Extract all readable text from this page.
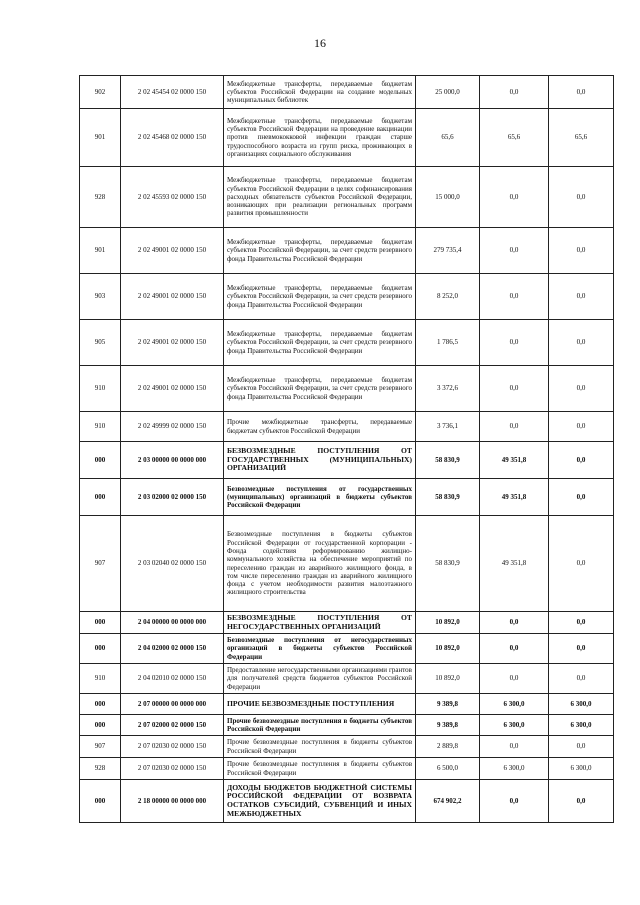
16
902	2 02 45454 02 0000 150	Межбюджетные трансферты, передаваемые бюджетам субъектов Российской Федерации на создание модельных муниципальных библиотек	25 000,0	0,0	0,0
901	2 02 45468 02 0000 150	Межбюджетные трансферты, передаваемые бюджетам субъектов Российской Федерации на проведение вакцинации против пневмококковой инфекции граждан старше трудоспособного возраста из групп риска, проживающих в организациях социального обслуживания	65,6	65,6	65,6
928	2 02 45593 02 0000 150	Межбюджетные трансферты, передаваемые бюджетам субъектов Российской Федерации в целях софинансирования расходных обязательств субъектов Российской Федерации, возникающих при реализации региональных программ развития промышленности	15 000,0	0,0	0,0
901	2 02 49001 02 0000 150	Межбюджетные трансферты, передаваемые бюджетам субъектов Российской Федерации, за счет средств резервного фонда Правительства Российской Федерации	279 735,4	0,0	0,0
903	2 02 49001 02 0000 150	Межбюджетные трансферты, передаваемые бюджетам субъектов Российской Федерации, за счет средств резервного фонда Правительства Российской Федерации	8 252,0	0,0	0,0
905	2 02 49001 02 0000 150	Межбюджетные трансферты, передаваемые бюджетам субъектов Российской Федерации, за счет средств резервного фонда Правительства Российской Федерации	1 786,5	0,0	0,0
910	2 02 49001 02 0000 150	Межбюджетные трансферты, передаваемые бюджетам субъектов Российской Федерации, за счет средств резервного фонда Правительства Российской Федерации	3 372,6	0,0	0,0
910	2 02 49999 02 0000 150	Прочие межбюджетные трансферты, передаваемые бюджетам субъектов Российской Федерации	3 736,1	0,0	0,0
000	2 03 00000 00 0000 000	БЕЗВОЗМЕЗДНЫЕ ПОСТУПЛЕНИЯ ОТ ГОСУДАРСТВЕННЫХ (МУНИЦИПАЛЬНЫХ) ОРГАНИЗАЦИЙ	58 830,9	49 351,8	0,0
000	2 03 02000 02 0000 150	Безвозмездные поступления от государственных (муниципальных) организаций в бюджеты субъектов Российской Федерации	58 830,9	49 351,8	0,0
907	2 03 02040 02 0000 150	Безвозмездные поступления в бюджеты субъектов Российской Федерации от государственной корпорации - Фонда содействия реформированию жилищно-коммунального хозяйства на обеспечение мероприятий по переселению граждан из аварийного жилищного фонда, в том числе переселению граждан из аварийного жилищного фонда с учетом необходимости развития малоэтажного жилищного строительства	58 830,9	49 351,8	0,0
000	2 04 00000 00 0000 000	БЕЗВОЗМЕЗДНЫЕ ПОСТУПЛЕНИЯ ОТ НЕГОСУДАРСТВЕННЫХ ОРГАНИЗАЦИЙ	10 892,0	0,0	0,0
000	2 04 02000 02 0000 150	Безвозмездные поступления от негосударственных организаций в бюджеты субъектов Российской Федерации	10 892,0	0,0	0,0
910	2 04 02010 02 0000 150	Предоставление негосударственными организациями грантов для получателей средств бюджетов субъектов Российской Федерации	10 892,0	0,0	0,0
000	2 07 00000 00 0000 000	ПРОЧИЕ БЕЗВОЗМЕЗДНЫЕ ПОСТУПЛЕНИЯ	9 389,8	6 300,0	6 300,0
000	2 07 02000 02 0000 150	Прочие безвозмездные поступления в бюджеты субъектов Российской Федерации	9 389,8	6 300,0	6 300,0
907	2 07 02030 02 0000 150	Прочие безвозмездные поступления в бюджеты субъектов Российской Федерации	2 889,8	0,0	0,0
928	2 07 02030 02 0000 150	Прочие безвозмездные поступления в бюджеты субъектов Российской Федерации	6 500,0	6 300,0	6 300,0
000	2 18 00000 00 0000 000	ДОХОДЫ БЮДЖЕТОВ БЮДЖЕТНОЙ СИСТЕМЫ РОССИЙСКОЙ ФЕДЕРАЦИИ ОТ ВОЗВРАТА ОСТАТКОВ СУБСИДИЙ, СУБВЕНЦИЙ И ИНЫХ МЕЖБЮДЖЕТНЫХ	674 902,2	0,0	0,0
